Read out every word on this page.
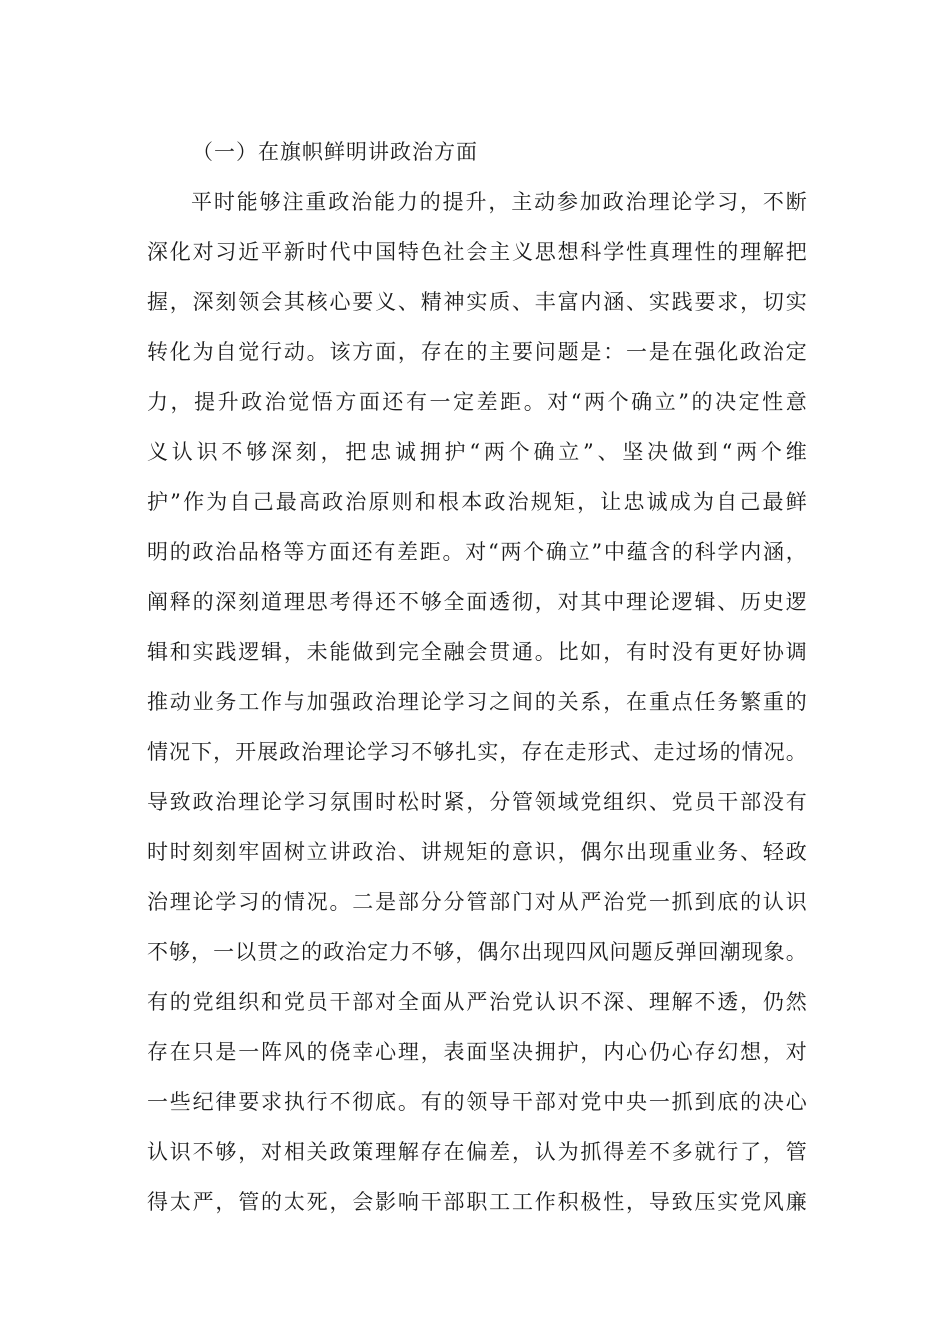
（一）在旗帜鲜明讲政治方面
平时能够注重政治能力的提升，主动参加政治理论学习，不断
深化对习近平新时代中国特色社会主义思想科学性真理性的理解把
握，深刻领会其核心要义、精神实质、丰富内涵、实践要求，切实
转化为自觉行动。该方面，存在的主要问题是：一是在强化政治定
力，提升政治觉悟方面还有一定差距。对“两个确立”的决定性意
义认识不够深刻，把忠诚拥护“两个确立”、坚决做到“两个维
护”作为自己最高政治原则和根本政治规矩，让忠诚成为自己最鲜
明的政治品格等方面还有差距。对“两个确立”中蕴含的科学内涵，
阐释的深刻道理思考得还不够全面透彻，对其中理论逻辑、历史逻
辑和实践逻辑，未能做到完全融会贯通。比如，有时没有更好协调
推动业务工作与加强政治理论学习之间的关系，在重点任务繁重的
情况下，开展政治理论学习不够扎实，存在走形式、走过场的情况。
导致政治理论学习氛围时松时紧，分管领域党组织、党员干部没有
时时刻刻牢固树立讲政治、讲规矩的意识，偶尔出现重业务、轻政
治理论学习的情况。二是部分分管部门对从严治党一抓到底的认识
不够，一以贯之的政治定力不够，偶尔出现四风问题反弹回潮现象。
有的党组织和党员干部对全面从严治党认识不深、理解不透，仍然
存在只是一阵风的侥幸心理，表面坚决拥护，内心仍心存幻想，对
一些纪律要求执行不彻底。有的领导干部对党中央一抓到底的决心
认识不够，对相关政策理解存在偏差，认为抓得差不多就行了，管
得太严，管的太死，会影响干部职工工作积极性，导致压实党风廉
